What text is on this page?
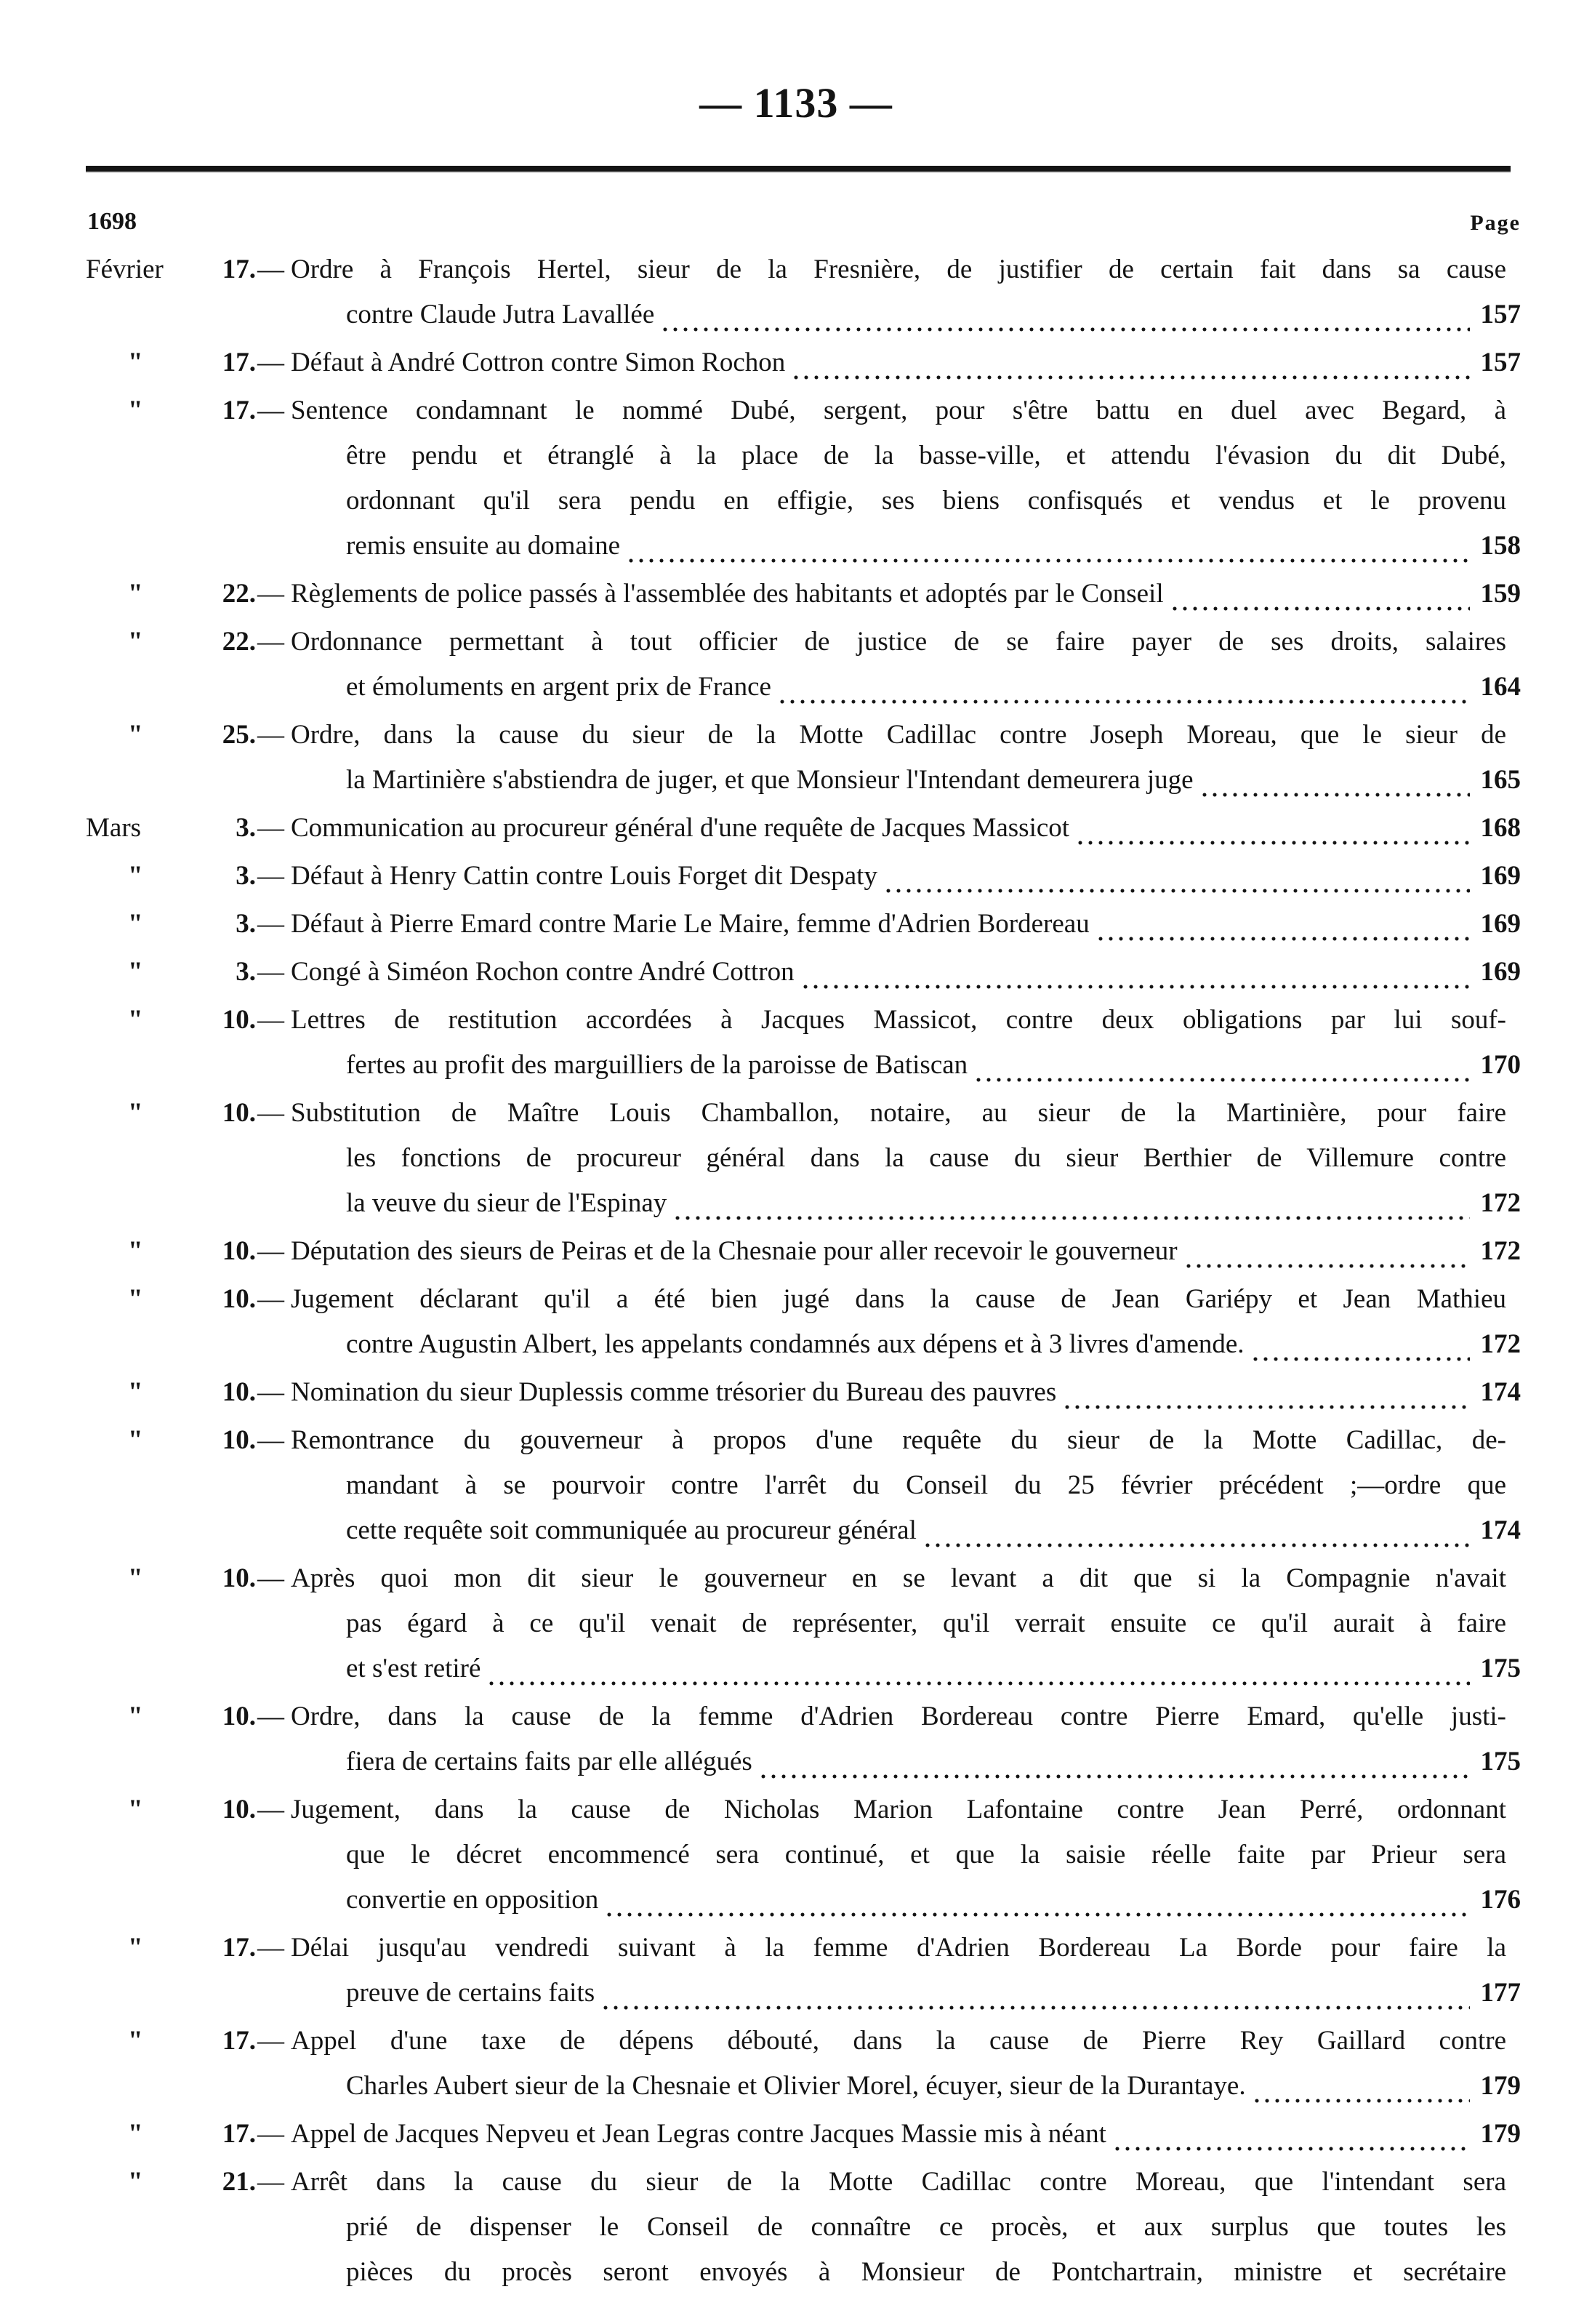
— 1133 —
1698	Page
Février	17. — Ordre à François Hertel, sieur de la Fresnière, de justifier de certain fait dans sa cause
contre Claude Jutra Lavallée	157
"	17. — Défaut à André Cottron contre Simon Rochon	157
"	17. — Sentence condamnant le nommé Dubé, sergent, pour s'être battu en duel avec Begard, à
être pendu et étranglé à la place de la basse-ville, et attendu l'évasion du dit Dubé,
ordonnant qu'il sera pendu en effigie, ses biens confisqués et vendus et le provenu
remis ensuite au domaine	158
"	22. — Règlements de police passés à l'assemblée des habitants et adoptés par le Conseil	159
"	22. — Ordonnance permettant à tout officier de justice de se faire payer de ses droits, salaires
et émoluments en argent prix de France	164
"	25. — Ordre, dans la cause du sieur de la Motte Cadillac contre Joseph Moreau, que le sieur de
la Martinière s'abstiendra de juger, et que Monsieur l'Intendant demeurera juge	165
Mars	3. — Communication au procureur général d'une requête de Jacques Massicot	168
"	3. — Défaut à Henry Cattin contre Louis Forget dit Despaty	169
"	3. — Défaut à Pierre Emard contre Marie Le Maire, femme d'Adrien Bordereau	169
"	3. — Congé à Siméon Rochon contre André Cottron	169
"	10. — Lettres de restitution accordées à Jacques Massicot, contre deux obligations par lui souf-
fertes au profit des marguilliers de la paroisse de Batiscan	170
"	10. — Substitution de Maître Louis Chamballon, notaire, au sieur de la Martinière, pour faire
les fonctions de procureur général dans la cause du sieur Berthier de Villemure contre
la veuve du sieur de l'Espinay	172
"	10. — Députation des sieurs de Peiras et de la Chesnaie pour aller recevoir le gouverneur	172
"	10. — Jugement déclarant qu'il a été bien jugé dans la cause de Jean Gariépy et Jean Mathieu
contre Augustin Albert, les appelants condamnés aux dépens et à 3 livres d'amende.	172
"	10. — Nomination du sieur Duplessis comme trésorier du Bureau des pauvres	174
"	10. — Remontrance du gouverneur à propos d'une requête du sieur de la Motte Cadillac, de-
mandant à se pourvoir contre l'arrêt du Conseil du 25 février précédent ;—ordre que
cette requête soit communiquée au procureur général	174
"	10. — Après quoi mon dit sieur le gouverneur en se levant a dit que si la Compagnie n'avait
pas égard à ce qu'il venait de représenter, qu'il verrait ensuite ce qu'il aurait à faire
et s'est retiré	175
"	10. — Ordre, dans la cause de la femme d'Adrien Bordereau contre Pierre Emard, qu'elle justi-
fiera de certains faits par elle allégués	175
"	10. — Jugement, dans la cause de Nicholas Marion Lafontaine contre Jean Perré, ordonnant
que le décret encommencé sera continué, et que la saisie réelle faite par Prieur sera
convertie en opposition	176
"	17. — Délai jusqu'au vendredi suivant à la femme d'Adrien Bordereau La Borde pour faire la
preuve de certains faits	177
"	17. — Appel d'une taxe de dépens débouté, dans la cause de Pierre Rey Gaillard contre
Charles Aubert sieur de la Chesnaie et Olivier Morel, écuyer, sieur de la Durantaye.	179
"	17. — Appel de Jacques Nepveu et Jean Legras contre Jacques Massie mis à néant	179
"	21. — Arrêt dans la cause du sieur de la Motte Cadillac contre Moreau, que l'intendant sera
prié de dispenser le Conseil de connaître ce procès, et aux surplus que toutes les
pièces du procès seront envoyés à Monsieur de Pontchartrain, ministre et secrétaire
